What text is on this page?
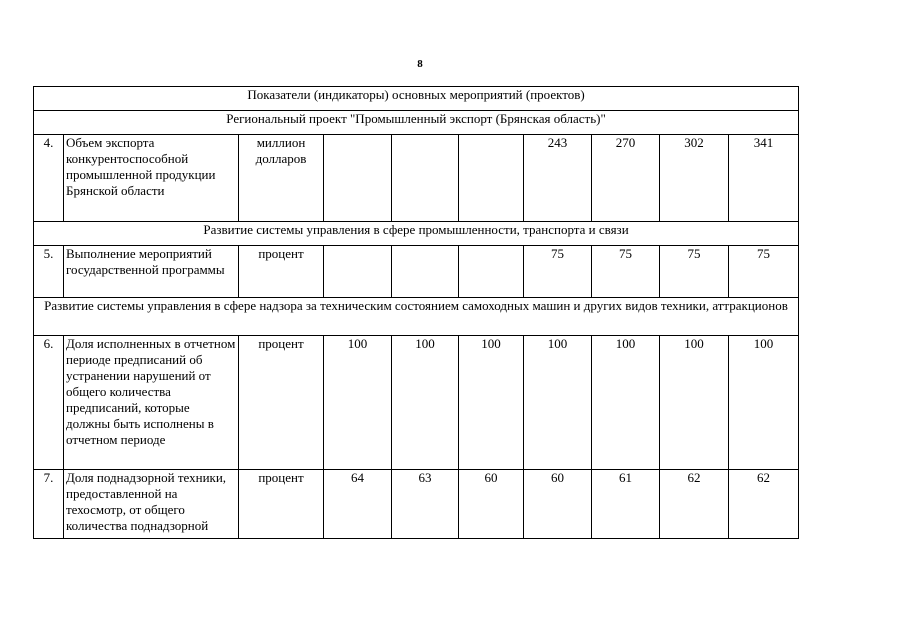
8
Показатели (индикаторы) основных мероприятий (проектов)									
Региональный проект "Промышленный экспорт (Брянская область)"									
4.	Объем экспорта конкурентоспособной промышленной продукции Брянской области	миллион долларов				243	270	302	341
Развитие системы управления в сфере промышленности, транспорта и связи									
5.	Выполнение мероприятий государственной программы	процент				75	75	75	75
Развитие системы управления в сфере надзора за техническим состоянием самоходных машин и других видов техники, аттракционов									
6.	Доля исполненных в отчетном периоде предписаний об устранении нарушений от общего количества предписаний, которые должны быть исполнены в отчетном периоде	процент	100	100	100	100	100	100	100
7.	Доля поднадзорной техники, предоставленной на техосмотр, от общего количества поднадзорной	процент	64	63	60	60	61	62	62
